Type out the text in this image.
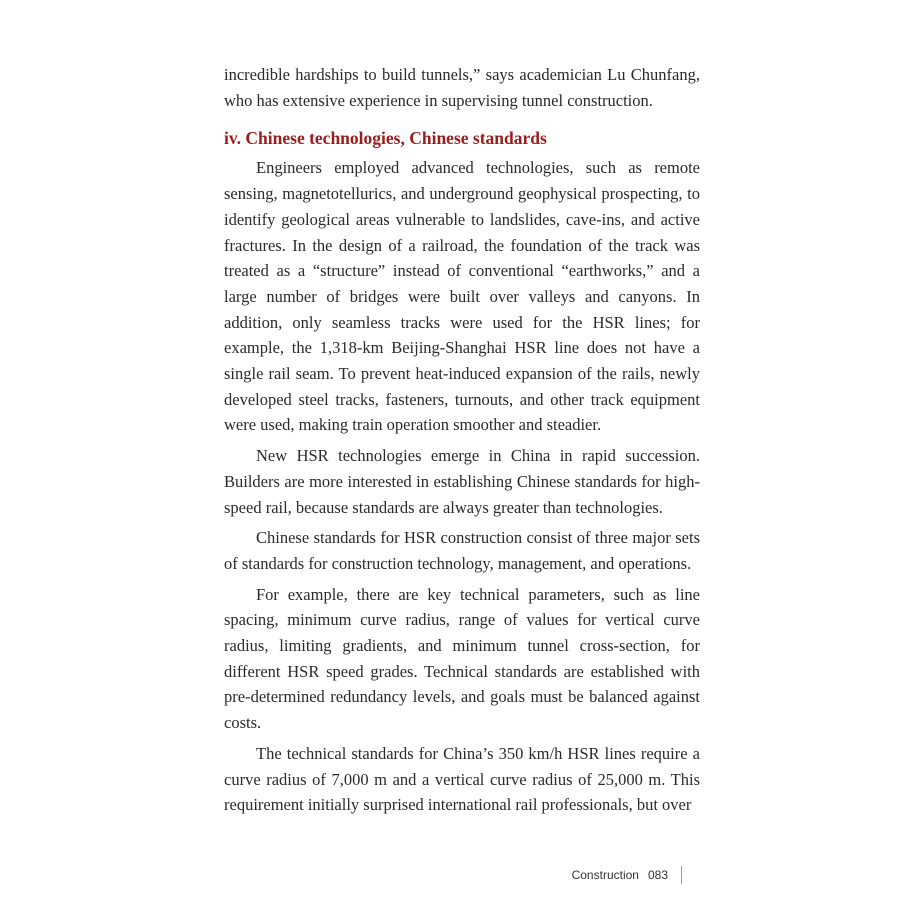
incredible hardships to build tunnels,” says academician Lu Chunfang, who has extensive experience in supervising tunnel construction.

iv. Chinese technologies, Chinese standards

Engineers employed advanced technologies, such as remote sensing, magnetotellurics, and underground geophysical prospecting, to identify geological areas vulnerable to landslides, cave-ins, and active fractures. In the design of a railroad, the foundation of the track was treated as a “structure” instead of conventional “earthworks,” and a large number of bridges were built over valleys and canyons. In addition, only seamless tracks were used for the HSR lines; for example, the 1,318-km Beijing-Shanghai HSR line does not have a single rail seam. To prevent heat-induced expansion of the rails, newly developed steel tracks, fasteners, turnouts, and other track equipment were used, making train operation smoother and steadier.

New HSR technologies emerge in China in rapid succession. Builders are more interested in establishing Chinese standards for high-speed rail, because standards are always greater than technologies.

Chinese standards for HSR construction consist of three major sets of standards for construction technology, management, and operations.

For example, there are key technical parameters, such as line spacing, minimum curve radius, range of values for vertical curve radius, limiting gradients, and minimum tunnel cross-section, for different HSR speed grades. Technical standards are established with pre-determined redundancy levels, and goals must be balanced against costs.

The technical standards for China’s 350 km/h HSR lines require a curve radius of 7,000 m and a vertical curve radius of 25,000 m. This requirement initially surprised international rail professionals, but over

Construction 083
